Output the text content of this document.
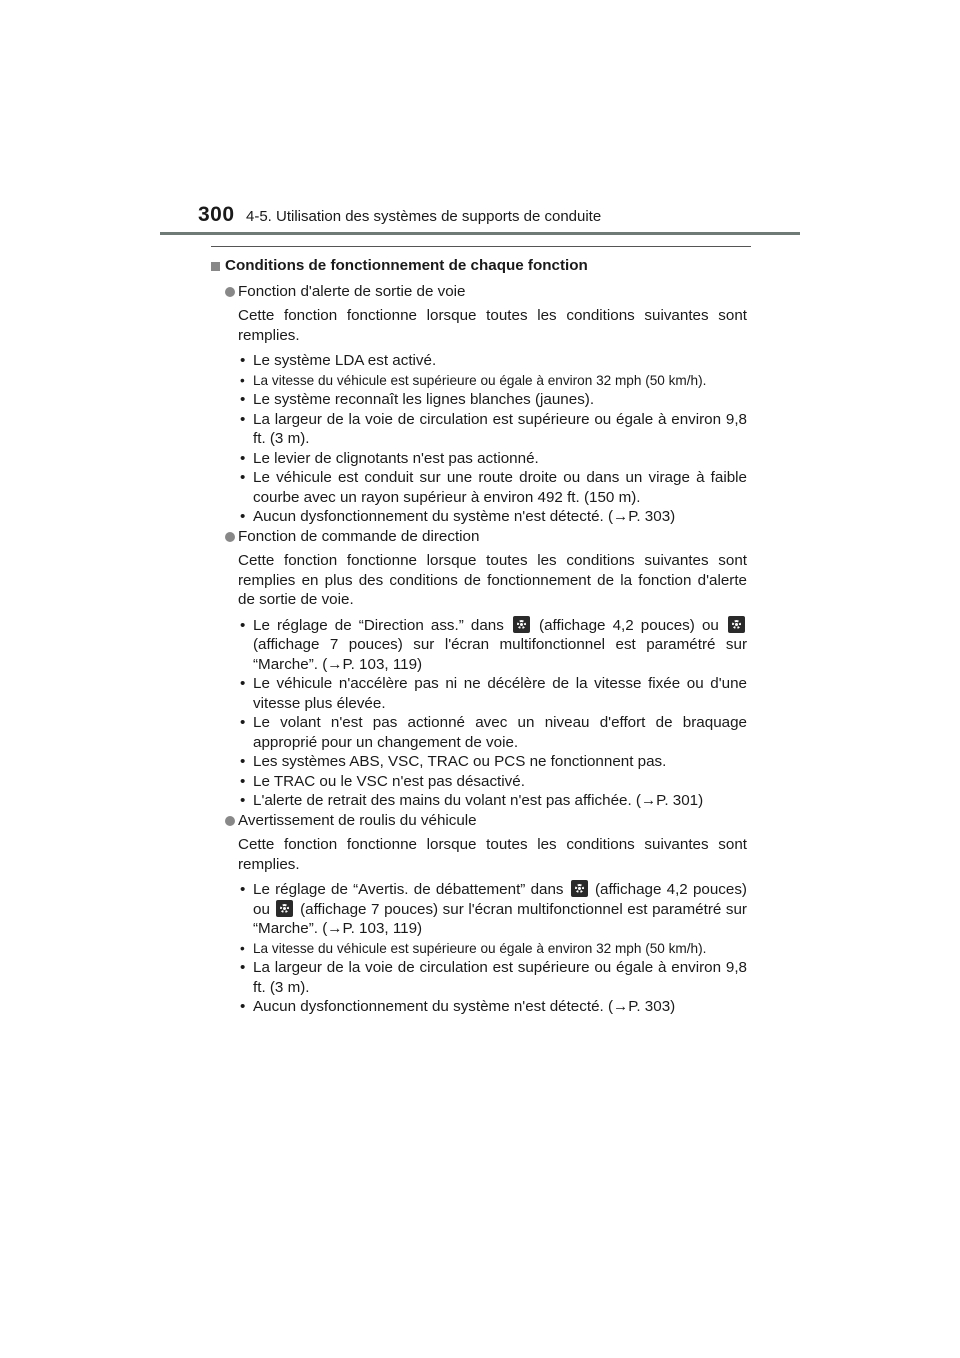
300 4-5. Utilisation des systèmes de supports de conduite
Conditions de fonctionnement de chaque fonction
Fonction d'alerte de sortie de voie

Cette fonction fonctionne lorsque toutes les conditions suivantes sont remplies.

• Le système LDA est activé.
• La vitesse du véhicule est supérieure ou égale à environ 32 mph (50 km/h).
• Le système reconnaît les lignes blanches (jaunes).
• La largeur de la voie de circulation est supérieure ou égale à environ 9,8 ft. (3 m).
• Le levier de clignotants n'est pas actionné.
• Le véhicule est conduit sur une route droite ou dans un virage à faible courbe avec un rayon supérieur à environ 492 ft. (150 m).
• Aucun dysfonctionnement du système n'est détecté. (→P. 303)
Fonction de commande de direction

Cette fonction fonctionne lorsque toutes les conditions suivantes sont remplies en plus des conditions de fonctionnement de la fonction d'alerte de sortie de voie.

• Le réglage de “Direction ass.” dans (affichage 4,2 pouces) ou  (affichage 7 pouces) sur l'écran multifonctionnel est paramétré sur “Marche”. (→P. 103, 119)
• Le véhicule n'accélère pas ni ne décélère de la vitesse fixée ou d'une vitesse plus élevée.
• Le volant n'est pas actionné avec un niveau d'effort de braquage approprié pour un changement de voie.
• Les systèmes ABS, VSC, TRAC ou PCS ne fonctionnent pas.
• Le TRAC ou le VSC n'est pas désactivé.
• L'alerte de retrait des mains du volant n'est pas affichée. (→P. 301)
Avertissement de roulis du véhicule

Cette fonction fonctionne lorsque toutes les conditions suivantes sont remplies.

• Le réglage de “Avertis. de débattement” dans (affichage 4,2 pouces) ou (affichage 7 pouces) sur l'écran multifonctionnel est paramétré sur “Marche”. (→P. 103, 119)
• La vitesse du véhicule est supérieure ou égale à environ 32 mph (50 km/h).
• La largeur de la voie de circulation est supérieure ou égale à environ 9,8 ft. (3 m).
• Aucun dysfonctionnement du système n'est détecté. (→P. 303)
